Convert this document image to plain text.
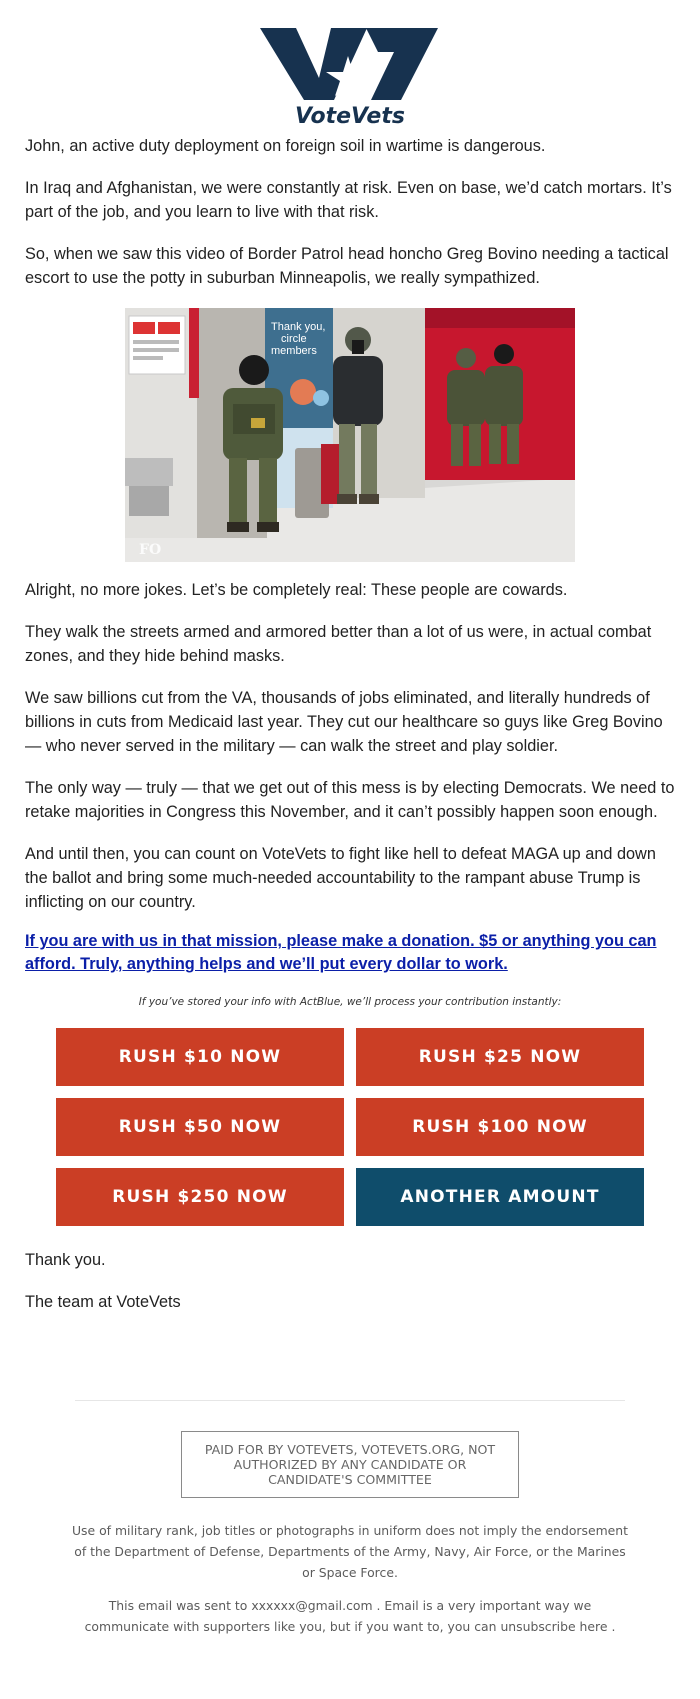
VoteVets

John, an active duty deployment on foreign soil in wartime is dangerous.

In Iraq and Afghanistan, we were constantly at risk. Even on base, we’d catch mortars. It’s part of the job, and you learn to live with that risk.

So, when we saw this video of Border Patrol head honcho Greg Bovino needing a tactical escort to use the potty in suburban Minneapolis, we really sympathized.

Thank you,
circle
members
FO

Alright, no more jokes. Let’s be completely real: These people are cowards.

They walk the streets armed and armored better than a lot of us were, in actual combat zones, and they hide behind masks.

We saw billions cut from the VA, thousands of jobs eliminated, and literally hundreds of billions in cuts from Medicaid last year. They cut our healthcare so guys like Greg Bovino — who never served in the military — can walk the street and play soldier.

The only way — truly — that we get out of this mess is by electing Democrats. We need to retake majorities in Congress this November, and it can’t possibly happen soon enough.

And until then, you can count on VoteVets to fight like hell to defeat MAGA up and down the ballot and bring some much-needed accountability to the rampant abuse Trump is inflicting on our country.

If you are with us in that mission, please make a donation. $5 or anything you can afford. Truly, anything helps and we’ll put every dollar to work.

If you’ve stored your info with ActBlue, we’ll process your contribution instantly:

RUSH $10 NOW	RUSH $25 NOW
RUSH $50 NOW	RUSH $100 NOW
RUSH $250 NOW	ANOTHER AMOUNT

Thank you.

The team at VoteVets

PAID FOR BY VOTEVETS, VOTEVETS.ORG, NOT AUTHORIZED BY ANY CANDIDATE OR CANDIDATE'S COMMITTEE

Use of military rank, job titles or photographs in uniform does not imply the endorsement of the Department of Defense, Departments of the Army, Navy, Air Force, or the Marines or Space Force.

This email was sent to xxxxxx@gmail.com . Email is a very important way we communicate with supporters like you, but if you want to, you can unsubscribe here .
